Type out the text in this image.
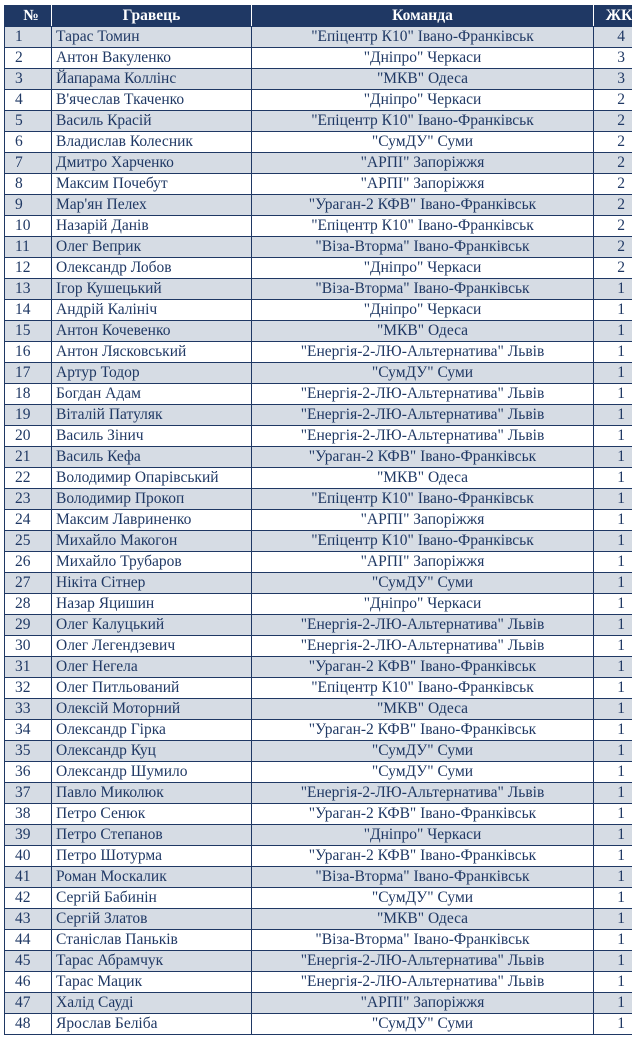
№	Гравець	Команда	ЖК
1	Тарас Томин	"Епіцентр К10" Івано-Франківськ	4
2	Антон Вакуленко	"Дніпро" Черкаси	3
3	Йапарама Коллінс	"МКВ" Одеса	3
4	В'ячеслав Ткаченко	"Дніпро" Черкаси	2
5	Василь Красій	"Епіцентр К10" Івано-Франківськ	2
6	Владислав Колесник	"СумДУ" Суми	2
7	Дмитро Харченко	"АРПІ" Запоріжжя	2
8	Максим Почебут	"АРПІ" Запоріжжя	2
9	Мар'ян Пелех	"Ураган-2 КФВ" Івано-Франківськ	2
10	Назарій Данів	"Епіцентр К10" Івано-Франківськ	2
11	Олег Веприк	"Віза-Вторма" Івано-Франківськ	2
12	Олександр Лобов	"Дніпро" Черкаси	2
13	Ігор Кушецький	"Віза-Вторма" Івано-Франківськ	1
14	Андрій Калініч	"Дніпро" Черкаси	1
15	Антон Кочевенко	"МКВ" Одеса	1
16	Антон Лясковський	"Енергія-2-ЛЮ-Альтернатива" Львів	1
17	Артур Тодор	"СумДУ" Суми	1
18	Богдан Адам	"Енергія-2-ЛЮ-Альтернатива" Львів	1
19	Віталій Патуляк	"Енергія-2-ЛЮ-Альтернатива" Львів	1
20	Василь Зінич	"Енергія-2-ЛЮ-Альтернатива" Львів	1
21	Василь Кефа	"Ураган-2 КФВ" Івано-Франківськ	1
22	Володимир Опарівський	"МКВ" Одеса	1
23	Володимир Прокоп	"Епіцентр К10" Івано-Франківськ	1
24	Максим Лавриненко	"АРПІ" Запоріжжя	1
25	Михайло Макогон	"Епіцентр К10" Івано-Франківськ	1
26	Михайло Трубаров	"АРПІ" Запоріжжя	1
27	Нікіта Сітнер	"СумДУ" Суми	1
28	Назар Яцишин	"Дніпро" Черкаси	1
29	Олег Калуцький	"Енергія-2-ЛЮ-Альтернатива" Львів	1
30	Олег Легендзевич	"Енергія-2-ЛЮ-Альтернатива" Львів	1
31	Олег Негела	"Ураган-2 КФВ" Івано-Франківськ	1
32	Олег Питльований	"Епіцентр К10" Івано-Франківськ	1
33	Олексій Моторний	"МКВ" Одеса	1
34	Олександр Гірка	"Ураган-2 КФВ" Івано-Франківськ	1
35	Олександр Куц	"СумДУ" Суми	1
36	Олександр Шумило	"СумДУ" Суми	1
37	Павло Миколюк	"Енергія-2-ЛЮ-Альтернатива" Львів	1
38	Петро Сенюк	"Ураган-2 КФВ" Івано-Франківськ	1
39	Петро Степанов	"Дніпро" Черкаси	1
40	Петро Шотурма	"Ураган-2 КФВ" Івано-Франківськ	1
41	Роман Москалик	"Віза-Вторма" Івано-Франківськ	1
42	Сергій Бабинін	"СумДУ" Суми	1
43	Сергій Златов	"МКВ" Одеса	1
44	Станіслав Паньків	"Віза-Вторма" Івано-Франківськ	1
45	Тарас Абрамчук	"Енергія-2-ЛЮ-Альтернатива" Львів	1
46	Тарас Мацик	"Енергія-2-ЛЮ-Альтернатива" Львів	1
47	Халід Сауді	"АРПІ" Запоріжжя	1
48	Ярослав Беліба	"СумДУ" Суми	1
